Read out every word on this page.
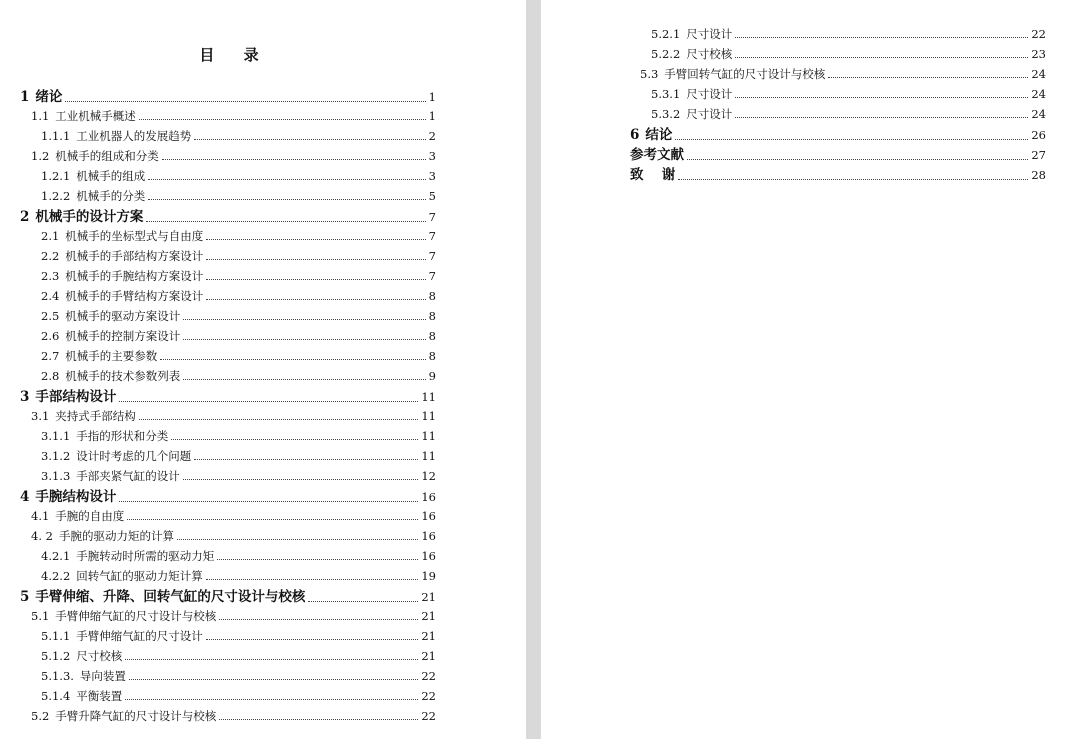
目 录
1 绪论	1
1.1 工业机械手概述	1
1.1.1 工业机器人的发展趋势	2
1.2 机械手的组成和分类	3
1.2.1 机械手的组成	3
1.2.2 机械手的分类	5
2 机械手的设计方案	7
2.1 机械手的坐标型式与自由度	7
2.2 机械手的手部结构方案设计	7
2.3 机械手的手腕结构方案设计	7
2.4 机械手的手臂结构方案设计	8
2.5 机械手的驱动方案设计	8
2.6 机械手的控制方案设计	8
2.7 机械手的主要参数	8
2.8 机械手的技术参数列表	9
3 手部结构设计	11
3.1 夹持式手部结构	11
3.1.1 手指的形状和分类	11
3.1.2 设计时考虑的几个问题	11
3.1.3 手部夹紧气缸的设计	12
4 手腕结构设计	16
4.1 手腕的自由度	16
4. 2 手腕的驱动力矩的计算	16
4.2.1 手腕转动时所需的驱动力矩	16
4.2.2 回转气缸的驱动力矩计算	19
5 手臂伸缩、升降、回转气缸的尺寸设计与校核	21
5.1 手臂伸缩气缸的尺寸设计与校核	21
5.1.1 手臂伸缩气缸的尺寸设计	21
5.1.2 尺寸校核	21
5.1.3. 导向装置	22
5.1.4 平衡装置	22
5.2 手臂升降气缸的尺寸设计与校核	22
5.2.1 尺寸设计	22
5.2.2 尺寸校核	23
5.3 手臂回转气缸的尺寸设计与校核	24
5.3.1 尺寸设计	24
5.3.2 尺寸设计	24
6 结论	26
参考文献	27
致　 谢	28
